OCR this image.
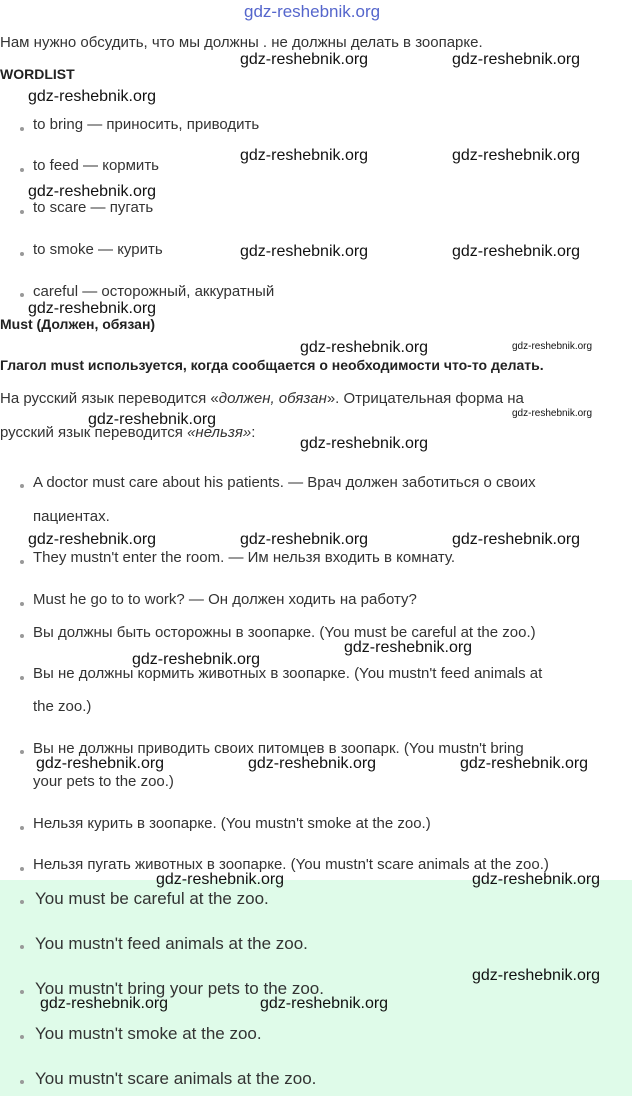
gdz-reshebnik.org
Нам нужно обсудить, что мы должны . не должны делать в зоопарке.
WORDLIST
to bring — приносить, приводить
to feed — кормить
to scare — пугать
to smoke — курить
careful — осторожный, аккуратный
Must (Должен, обязан)
Глагол must используется, когда сообщается о необходимости что-то делать.
На русский язык переводится «должен, обязан». Отрицательная форма на
русский язык переводится «нельзя»:
A doctor must care about his patients. — Врач должен заботиться о своих
пациентах.
They mustn't enter the room. — Им нельзя входить в комнату.
Must he go to to work? — Он должен ходить на работу?
Вы должны быть осторожны в зоопарке. (You must be careful at the zoo.)
Вы не должны кормить животных в зоопарке. (You mustn't feed animals at
the zoo.)
Вы не должны приводить своих питомцев в зоопарк. (You mustn't bring
your pets to the zoo.)
Нельзя курить в зоопарке. (You mustn't smoke at the zoo.)
Нельзя пугать животных в зоопарке. (You mustn't scare animals at the zoo.)
You must be careful at the zoo.
You mustn't feed animals at the zoo.
You mustn't bring your pets to the zoo.
You mustn't smoke at the zoo.
You mustn't scare animals at the zoo.
gdz-reshebnik.org	gdz-reshebnik.org
gdz-reshebnik.org
gdz-reshebnik.org	gdz-reshebnik.org
gdz-reshebnik.org
gdz-reshebnik.org	gdz-reshebnik.org
gdz-reshebnik.org
gdz-reshebnik.org	gdz-reshebnik.org
gdz-reshebnik.org
gdz-reshebnik.org
gdz-reshebnik.org
gdz-reshebnik.org	gdz-reshebnik.org	gdz-reshebnik.org
gdz-reshebnik.org
gdz-reshebnik.org
gdz-reshebnik.org	gdz-reshebnik.org	gdz-reshebnik.org
gdz-reshebnik.org	gdz-reshebnik.org
gdz-reshebnik.org
gdz-reshebnik.org	gdz-reshebnik.org
